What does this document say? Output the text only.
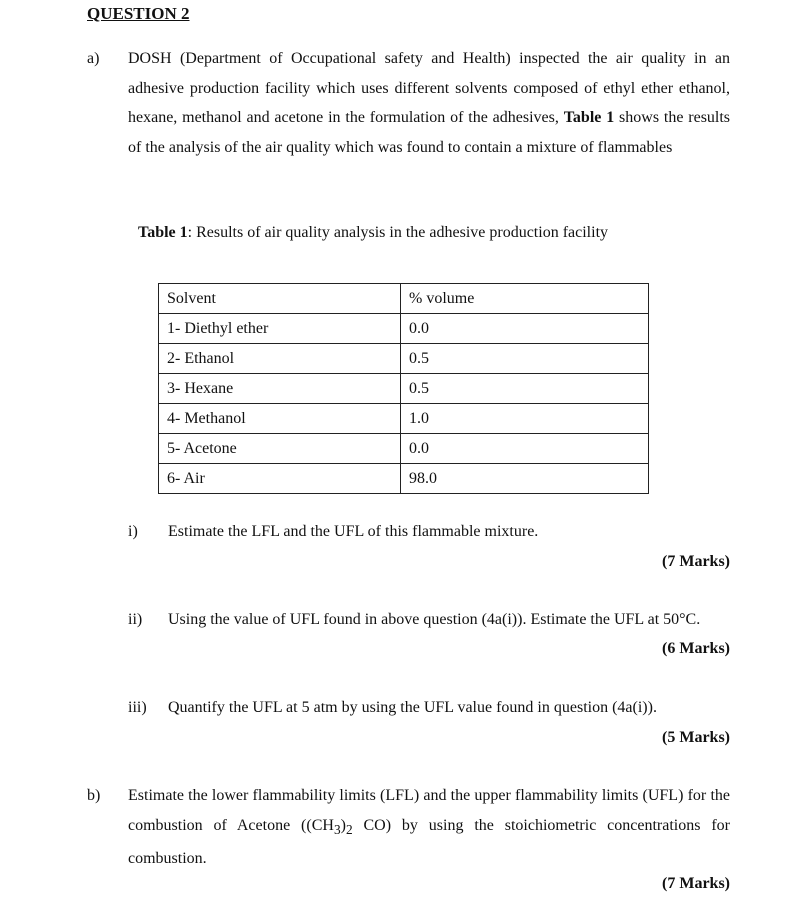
QUESTION 2
a) DOSH (Department of Occupational safety and Health) inspected the air quality in an adhesive production facility which uses different solvents composed of ethyl ether ethanol, hexane, methanol and acetone in the formulation of the adhesives, Table 1 shows the results of the analysis of the air quality which was found to contain a mixture of flammables
Table 1: Results of air quality analysis in the adhesive production facility
Solvent	% volume
1- Diethyl ether	0.0
2- Ethanol	0.5
3- Hexane	0.5
4- Methanol	1.0
5- Acetone	0.0
6- Air	98.0
i) Estimate the LFL and the UFL of this flammable mixture.
(7 Marks)
ii) Using the value of UFL found in above question (4a(i)). Estimate the UFL at 50°C.
(6 Marks)
iii) Quantify the UFL at 5 atm by using the UFL value found in question (4a(i)).
(5 Marks)
b) Estimate the lower flammability limits (LFL) and the upper flammability limits (UFL) for the combustion of Acetone ($(CH_3)_2$ CO) by using the stoichiometric concentrations for combustion.
(7 Marks)
